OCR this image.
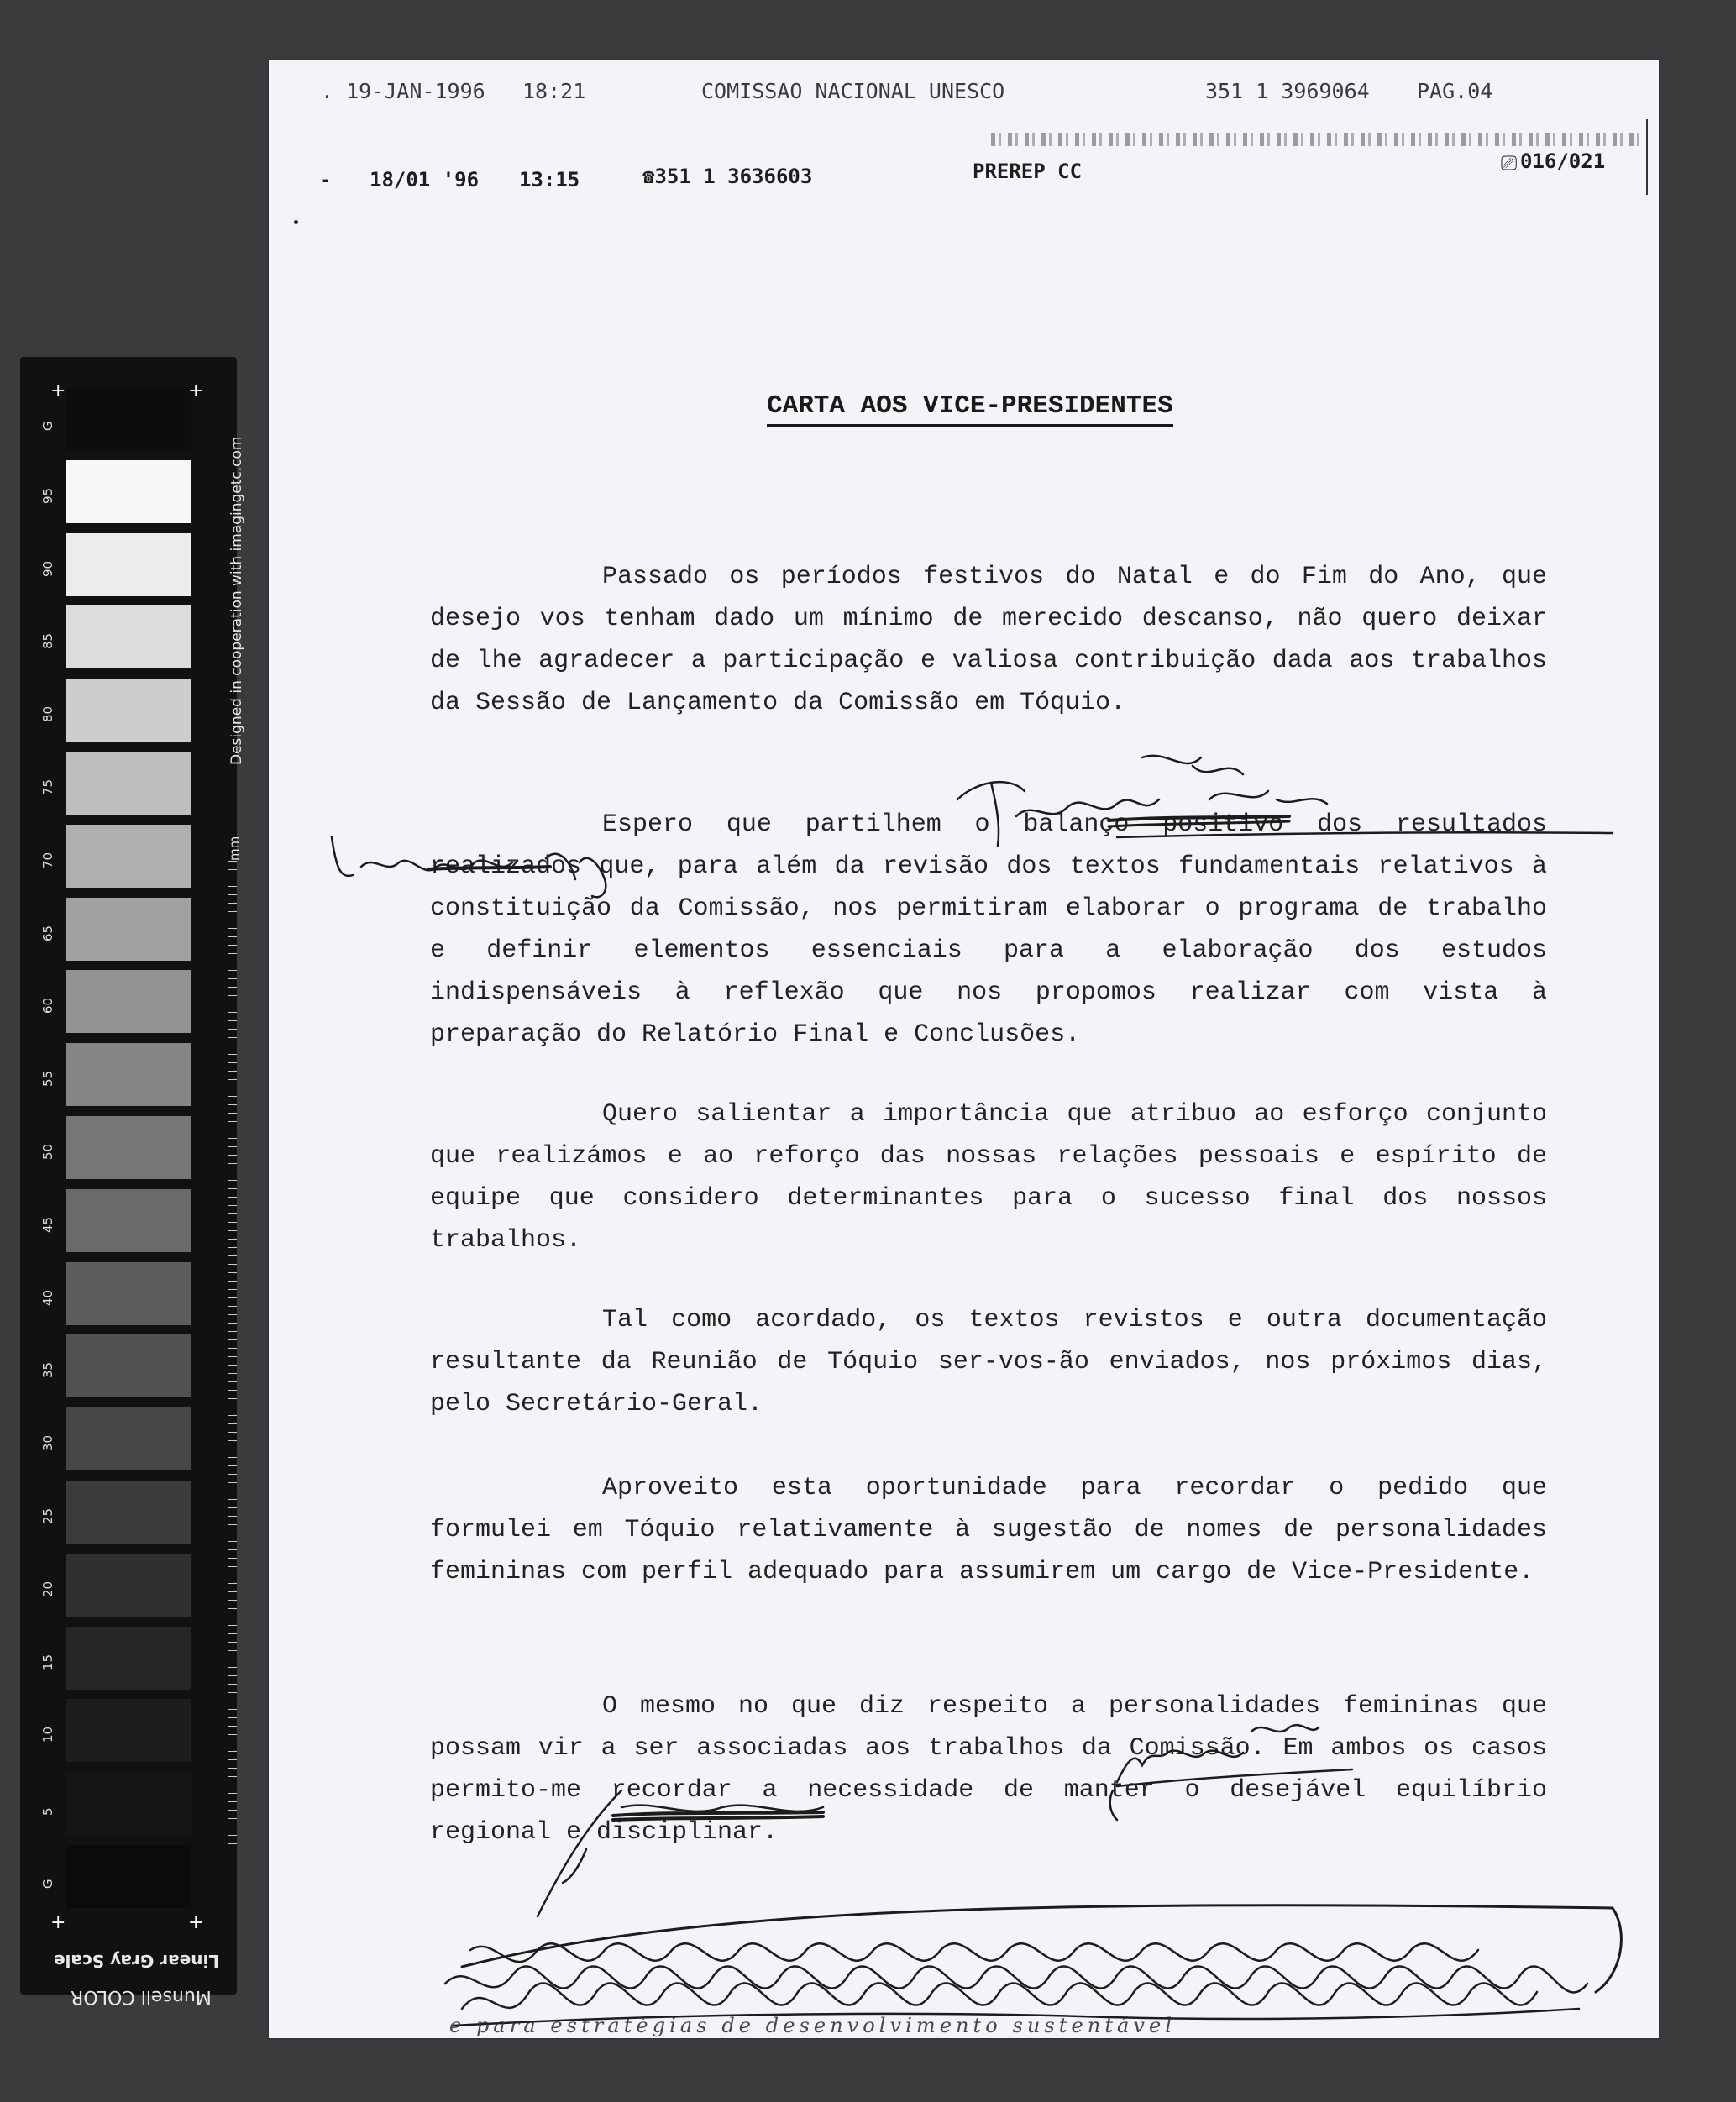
. 19-JAN-1996 18:21	COMISSAO NACIONAL UNESCO	351 1 3969064 PAG.04
- 18/01 '96 13:15	☎351 1 3636603	PREREP CC	⎚ 016/021
CARTA AOS VICE-PRESIDENTES

Passado os períodos festivos do Natal e do Fim do Ano, que desejo vos tenham dado um mínimo de merecido descanso, não quero deixar de lhe agradecer a participação e valiosa contribuição dada aos trabalhos da Sessão de Lançamento da Comissão em Tóquio.

Espero que partilhem o balanço positivo dos resultados realizados que, para além da revisão dos textos fundamentais relativos à constituição da Comissão, nos permitiram elaborar o programa de trabalho e definir elementos essenciais para a elaboração dos estudos indispensáveis à reflexão que nos propomos realizar com vista à preparação do Relatório Final e Conclusões.

Quero salientar a importância que atribuo ao esforço conjunto que realizámos e ao reforço das nossas relações pessoais e espírito de equipe que considero determinantes para o sucesso final dos nossos trabalhos.

Tal como acordado, os textos revistos e outra documentação resultante da Reunião de Tóquio ser-vos-ão enviados, nos próximos dias, pelo Secretário-Geral.

Aproveito esta oportunidade para recordar o pedido que formulei em Tóquio relativamente à sugestão de nomes de personalidades femininas com perfil adequado para assumirem um cargo de Vice-Presidente.

O mesmo no que diz respeito a personalidades femininas que possam vir a ser associadas aos trabalhos da Comissão. Em ambos os casos permito-me recordar a necessidade de manter o desejável equilíbrio regional e disciplinar.

e para estratégias de desenvolvimento sustentável
G
95
90
85
80
75
70
65
60
55
50
45
40
35
30
25
20
15
10
5
G
Designed in cooperation with imagingetc.com
mm
+	+
+	+
Linear Gray Scale
Munsell COLOR
